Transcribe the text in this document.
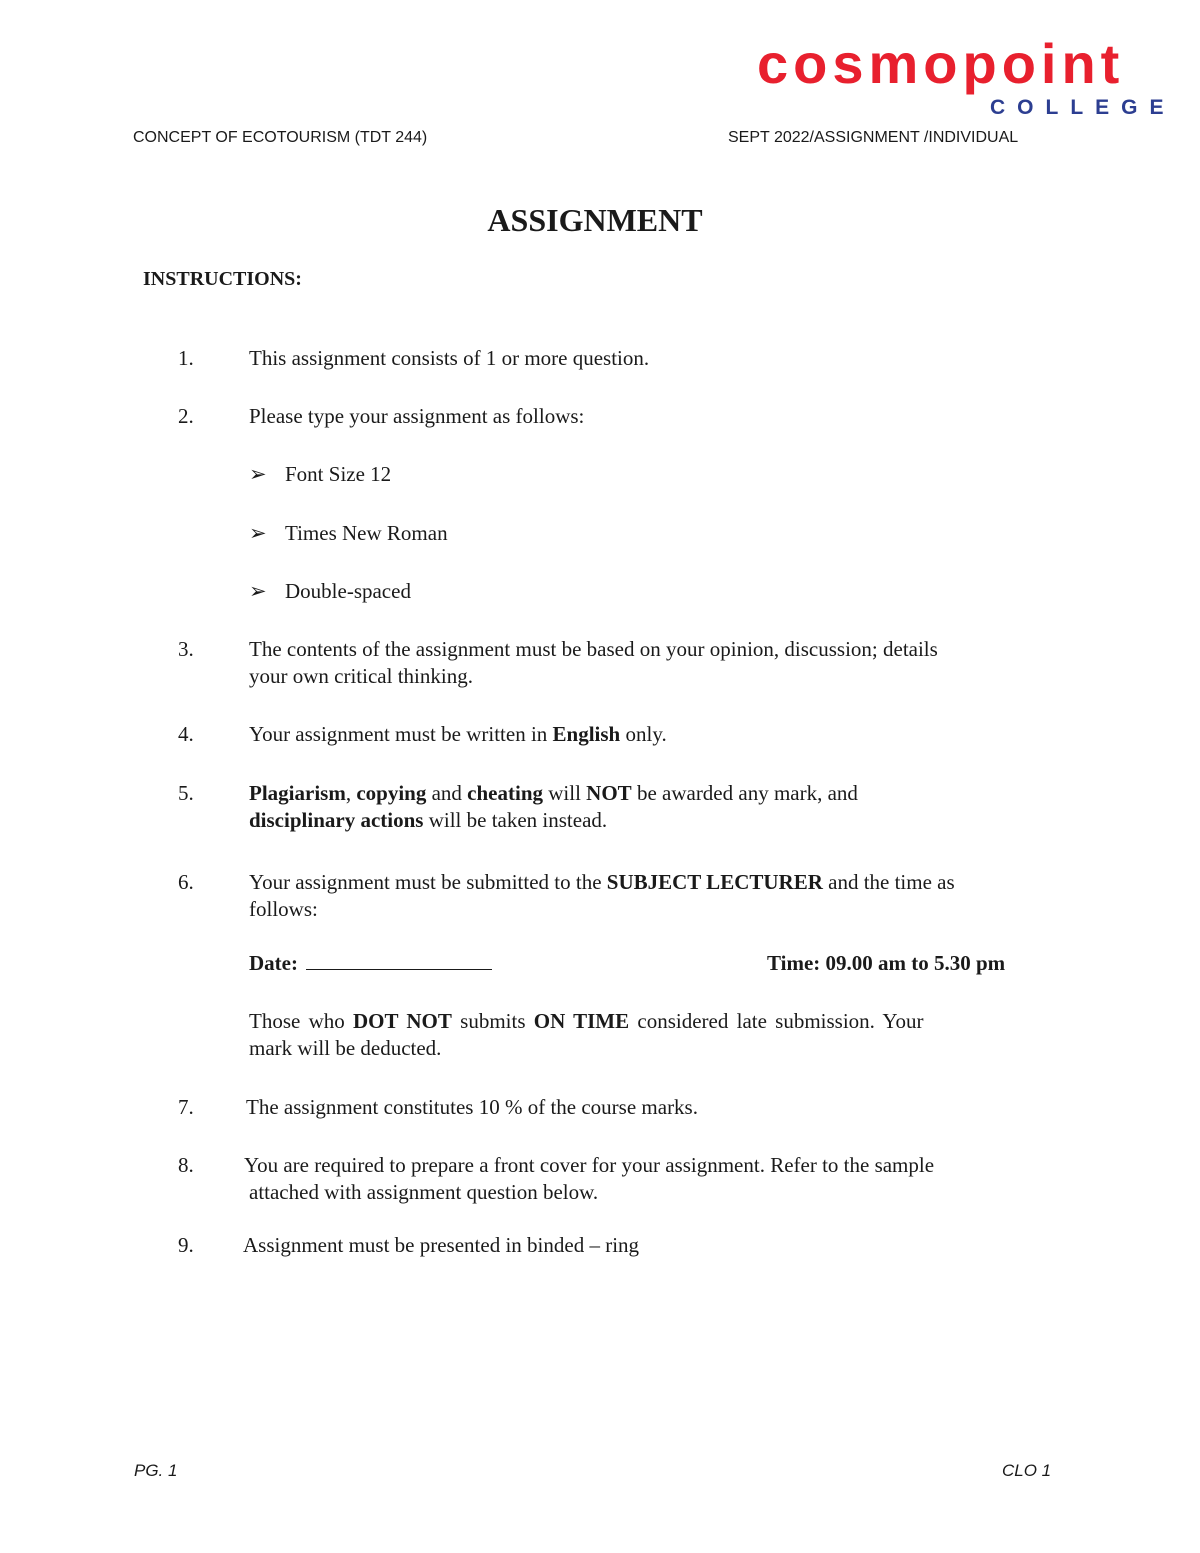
cosmopoint
COLLEGE
CONCEPT OF ECOTOURISM (TDT 244)	SEPT 2022/ASSIGNMENT /INDIVIDUAL
ASSIGNMENT
INSTRUCTIONS:
1.	This assignment consists of 1 or more question.
2.	Please type your assignment as follows:
➢ Font Size 12
➢ Times New Roman
➢ Double-spaced
3.	The contents of the assignment must be based on your opinion, discussion; details
your own critical thinking.
4.	Your assignment must be written in English only.
5.	Plagiarism, copying and cheating will NOT be awarded any mark, and
disciplinary actions will be taken instead.
6.	Your assignment must be submitted to the SUBJECT LECTURER and the time as
follows:
Date:	Time: 09.00 am to 5.30 pm
Those who DOT NOT submits ON TIME considered late submission. Your
mark will be deducted.
7. The assignment constitutes 10 % of the course marks.
8. You are required to prepare a front cover for your assignment. Refer to the sample
attached with assignment question below.
9. Assignment must be presented in binded – ring
PG. 1	CLO 1
